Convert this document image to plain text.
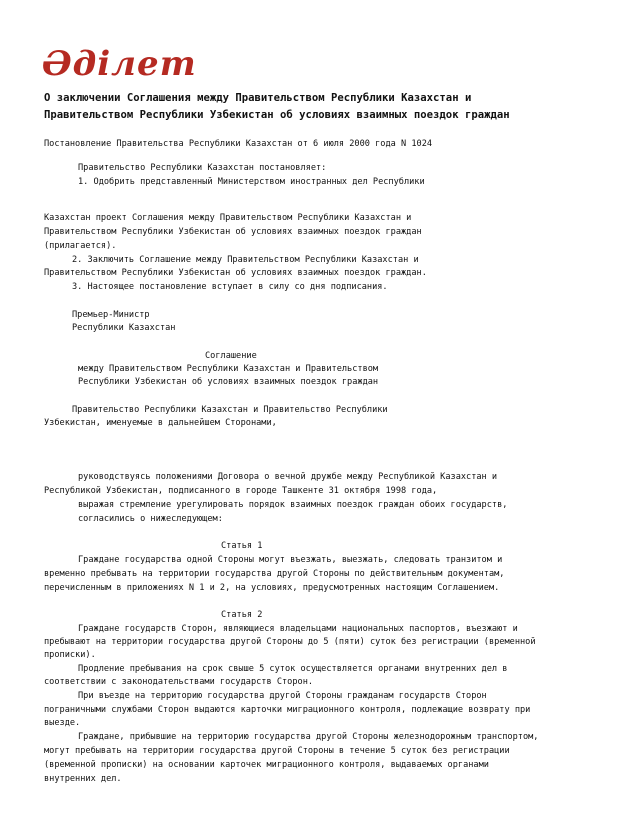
Әділет
О заключении Соглашения между Правительством Республики Казахстан и
Правительством Республики Узбекистан об условиях взаимных поездок граждан
Постановление Правительства Республики Казахстан от 6 июля 2000 года N 1024
Правительство Республики Казахстан постановляет:
1. Одобрить представленный Министерством иностранных дел Республики
Казахстан проект Соглашения между Правительством Республики Казахстан и
Правительством Республики Узбекистан об условиях взаимных поездок граждан
(прилагается).
2. Заключить Соглашение между Правительством Республики Казахстан и
Правительством Республики Узбекистан об условиях взаимных поездок граждан.
3. Настоящее постановление вступает в силу со дня подписания.
Премьер-Министр
Республики Казахстан
Соглашение
между Правительством Республики Казахстан и Правительством
Республики Узбекистан об условиях взаимных поездок граждан
Правительство Республики Казахстан и Правительство Республики
Узбекистан, именуемые в дальнейшем Сторонами,
руководствуясь положениями Договора о вечной дружбе между Республикой Казахстан и
Республикой Узбекистан, подписанного в городе Ташкенте 31 октября 1998 года,
выражая стремление урегулировать порядок взаимных поездок граждан обоих государств,
согласились о нижеследующем:
Статья 1
Граждане государства одной Стороны могут въезжать, выезжать, следовать транзитом и
временно пребывать на территории государства другой Стороны по действительным документам,
перечисленным в приложениях N 1 и 2, на условиях, предусмотренных настоящим Соглашением.
Статья 2
Граждане государств Сторон, являющиеся владельцами национальных паспортов, въезжают и
пребывают на территории государства другой Стороны до 5 (пяти) суток без регистрации (временной
прописки).
Продление пребывания на срок свыше 5 суток осуществляется органами внутренних дел в
соответствии с законодательствами государств Сторон.
При въезде на территорию государства другой Стороны гражданам государств Сторон
пограничными службами Сторон выдаются карточки миграционного контроля, подлежащие возврату при
выезде.
Граждане, прибывшие на территорию государства другой Стороны железнодорожным транспортом,
могут пребывать на территории государства другой Стороны в течение 5 суток без регистрации
(временной прописки) на основании карточек миграционного контроля, выдаваемых органами
внутренних дел.
